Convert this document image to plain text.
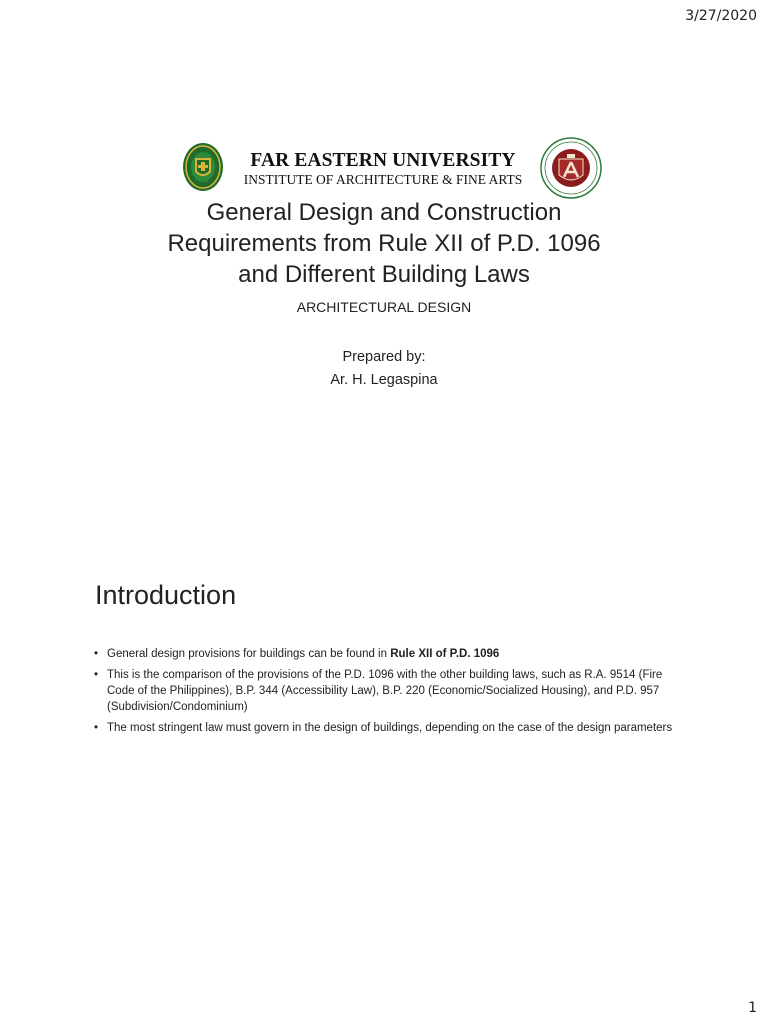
3/27/2020
FAR EASTERN UNIVERSITY
INSTITUTE OF ARCHITECTURE & FINE ARTS
General Design and Construction
Requirements from Rule XII of P.D. 1096
and Different Building Laws
ARCHITECTURAL DESIGN
Prepared by:
Ar. H. Legaspina
Introduction
• General design provisions for buildings can be found in Rule XII of P.D. 1096
• This is the comparison of the provisions of the P.D. 1096 with the other building laws, such as R.A. 9514 (Fire Code of the Philippines), B.P. 344 (Accessibility Law), B.P. 220 (Economic/Socialized Housing), and P.D. 957 (Subdivision/Condominium)
• The most stringent law must govern in the design of buildings, depending on the case of the design parameters
1
